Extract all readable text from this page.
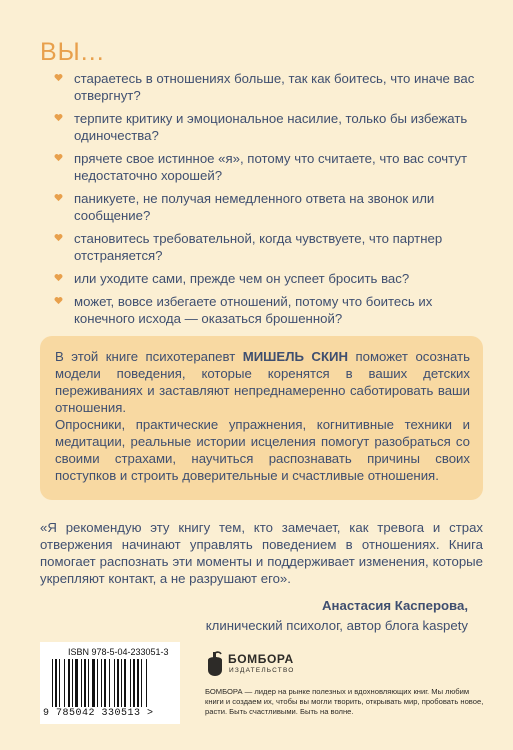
ВЫ...
стараетесь в отношениях больше, так как боитесь, что иначе вас отвергнут?
терпите критику и эмоциональное насилие, только бы избежать одиночества?
прячете свое истинное «я», потому что считаете, что вас сочтут недостаточно хорошей?
паникуете, не получая немедленного ответа на звонок или сообщение?
становитесь требовательной, когда чувствуете, что партнер отстраняется?
или уходите сами, прежде чем он успеет бросить вас?
может, вовсе избегаете отношений, потому что боитесь их конечного исхода — оказаться брошенной?

В этой книге психотерапевт МИШЕЛЬ СКИН поможет осознать модели поведения, которые коренятся в ваших детских переживаниях и заставляют непреднамеренно саботировать ваши отношения.

Опросники, практические упражнения, когнитивные техники и медитации, реальные истории исцеления помогут разобраться со своими страхами, научиться распознавать причины своих поступков и строить доверительные и счастливые отношения.

«Я рекомендую эту книгу тем, кто замечает, как тревога и страх отвержения начинают управлять поведением в отношениях. Книга помогает распознать эти моменты и поддерживает изменения, которые укрепляют контакт, а не разрушают его».
Анастасия Касперова,
клинический психолог, автор блога kaspety
ISBN 978-5-04-233051-3
9 785042 330513 >
БОМБОРА
ИЗДАТЕЛЬСТВО
БОМБОРА — лидер на рынке полезных и вдохновляющих книг. Мы любим книги и создаем их, чтобы вы могли творить, открывать мир, пробовать новое, расти. Быть счастливыми. Быть на волне.
